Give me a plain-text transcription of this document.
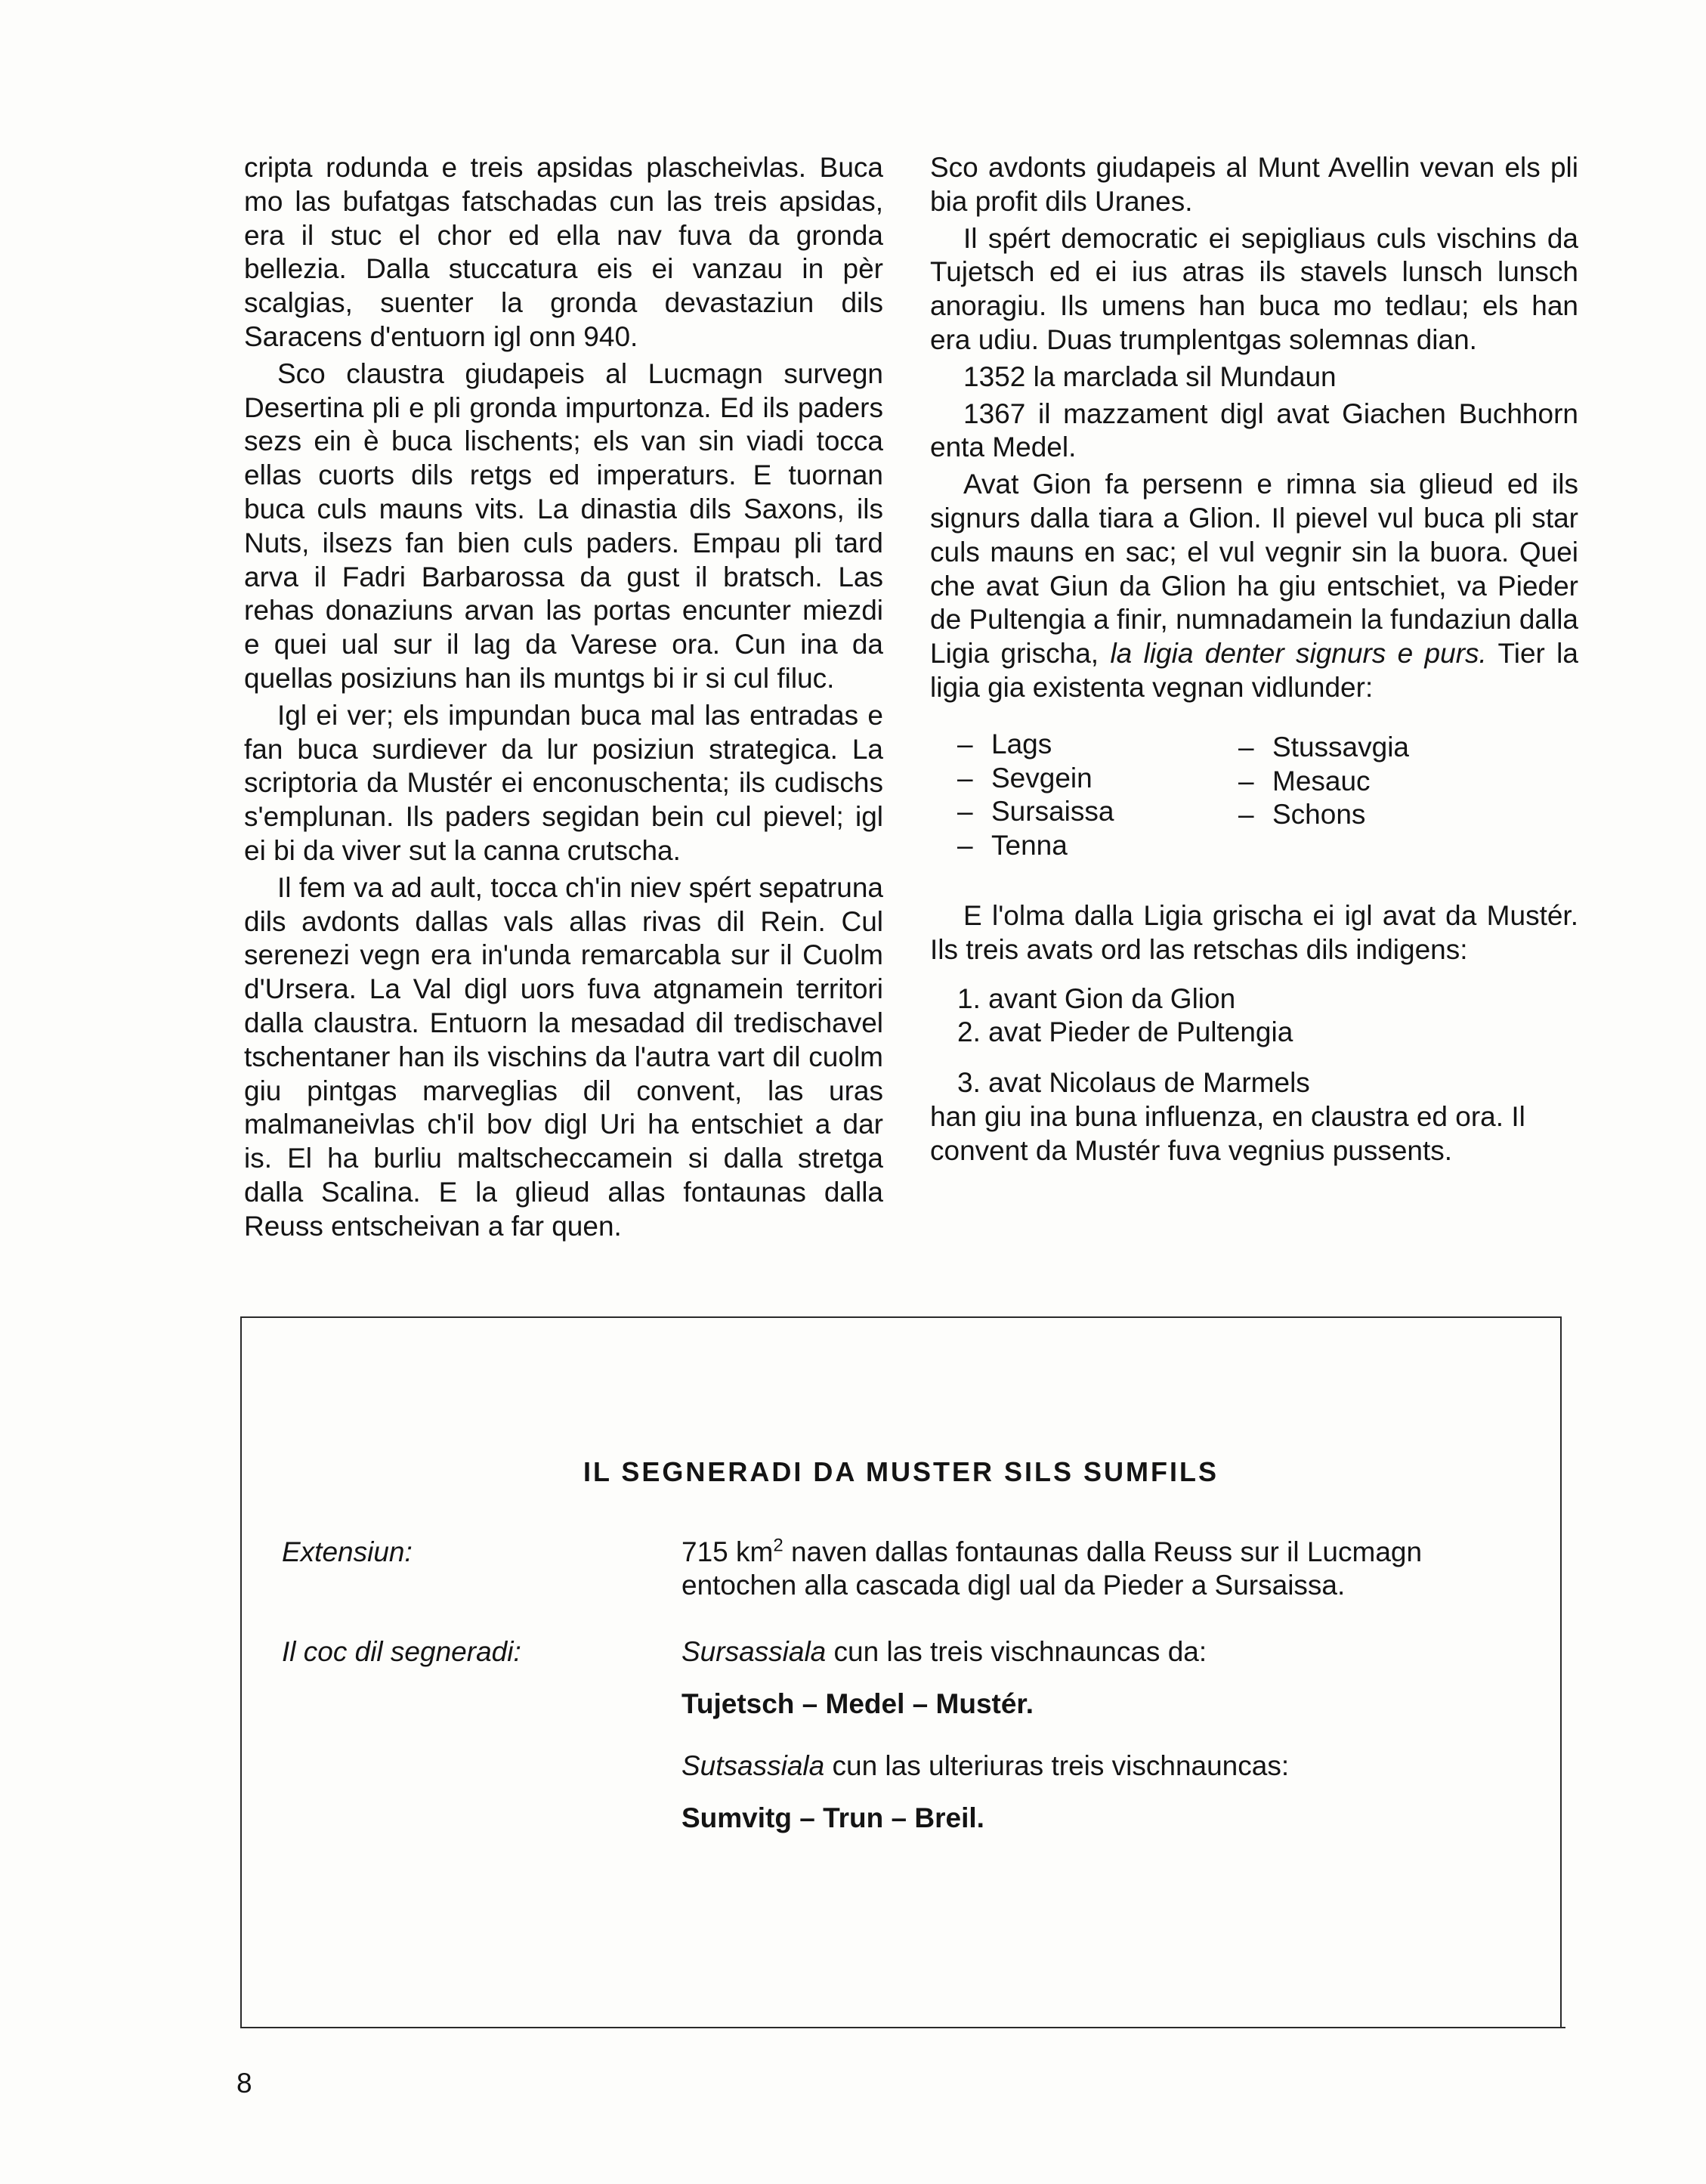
cripta rodunda e treis apsidas plascheivlas. Buca mo las bufatgas fatschadas cun las treis apsidas, era il stuc el chor ed ella nav fuva da gronda bellezia. Dalla stuccatura eis ei vanzau in pèr scalgias, suenter la gronda devastaziun dils Saracens d'entuorn igl onn 940.

Sco claustra giudapeis al Lucmagn survegn Desertina pli e pli gronda impurtonza. Ed ils paders sezs ein è buca lischents; els van sin viadi tocca ellas cuorts dils retgs ed imperaturs. E tuornan buca culs mauns vits. La dinastia dils Saxons, ils Nuts, ilsezs fan bien culs paders. Empau pli tard arva il Fadri Barbarossa da gust il bratsch. Las rehas donaziuns arvan las portas encunter miezdi e quei ual sur il lag da Varese ora. Cun ina da quellas posiziuns han ils muntgs bi ir si cul filuc.

Igl ei ver; els impundan buca mal las entradas e fan buca surdiever da lur posiziun strategica. La scriptoria da Mustér ei enconuschenta; ils cudischs s'emplunan. Ils paders segidan bein cul pievel; igl ei bi da viver sut la canna crutscha.

Il fem va ad ault, tocca ch'in niev spért sepatruna dils avdonts dallas vals allas rivas dil Rein. Cul serenezi vegn era in'unda remarcabla sur il Cuolm d'Ursera. La Val digl uors fuva atgnamein territori dalla claustra. Entuorn la mesadad dil tredischavel tschentaner han ils vischins da l'autra vart dil cuolm giu pintgas marveglias dil convent, las uras malmaneivlas ch'il bov digl Uri ha entschiet a dar is. El ha burliu maltscheccamein si dalla stretga dalla Scalina. E la glieud allas fontaunas dalla Reuss entscheivan a far quen.

Sco avdonts giudapeis al Munt Avellin vevan els pli bia profit dils Uranes.

Il spért democratic ei sepigliaus culs vischins da Tujetsch ed ei ius atras ils stavels lunsch lunsch anoragiu. Ils umens han buca mo tedlau; els han era udiu. Duas trumplentgas solemnas dian.

1352 la marclada sil Mundaun

1367 il mazzament digl avat Giachen Buchhorn enta Medel.

Avat Gion fa persenn e rimna sia glieud ed ils signurs dalla tiara a Glion. Il pievel vul buca pli star culs mauns en sac; el vul vegnir sin la buora. Quei che avat Giun da Glion ha giu entschiet, va Pieder de Pultengia a finir, numnadamein la fundaziun dalla Ligia grischa, la ligia denter signurs e purs. Tier la ligia gia existenta vegnan vidlunder:

– Lags
– Sevgein
– Sursaissa
– Tenna
– Stussavgia
– Mesauc
– Schons

E l'olma dalla Ligia grischa ei igl avat da Mustér. Ils treis avats ord las retschas dils indigens:

1. avant Gion da Glion

2. avat Pieder de Pultengia

3. avat Nicolaus de Marmels

han giu ina buna influenza, en claustra ed ora. Il convent da Mustér fuva vegnius pussents.

IL SEGNERADI DA MUSTER SILS SUMFILS
Extensiun:	715 $km^2$ naven dallas fontaunas dalla Reuss sur il Lucmagn entochen alla cascada digl ual da Pieder a Sursaissa.

Il coc dil segneradi:	Sursassiala cun las treis vischnauncas da:

Tujetsch – Medel – Mustér.

Sutsassiala cun las ulteriuras treis vischnauncas:

Sumvitg – Trun – Breil.

8
